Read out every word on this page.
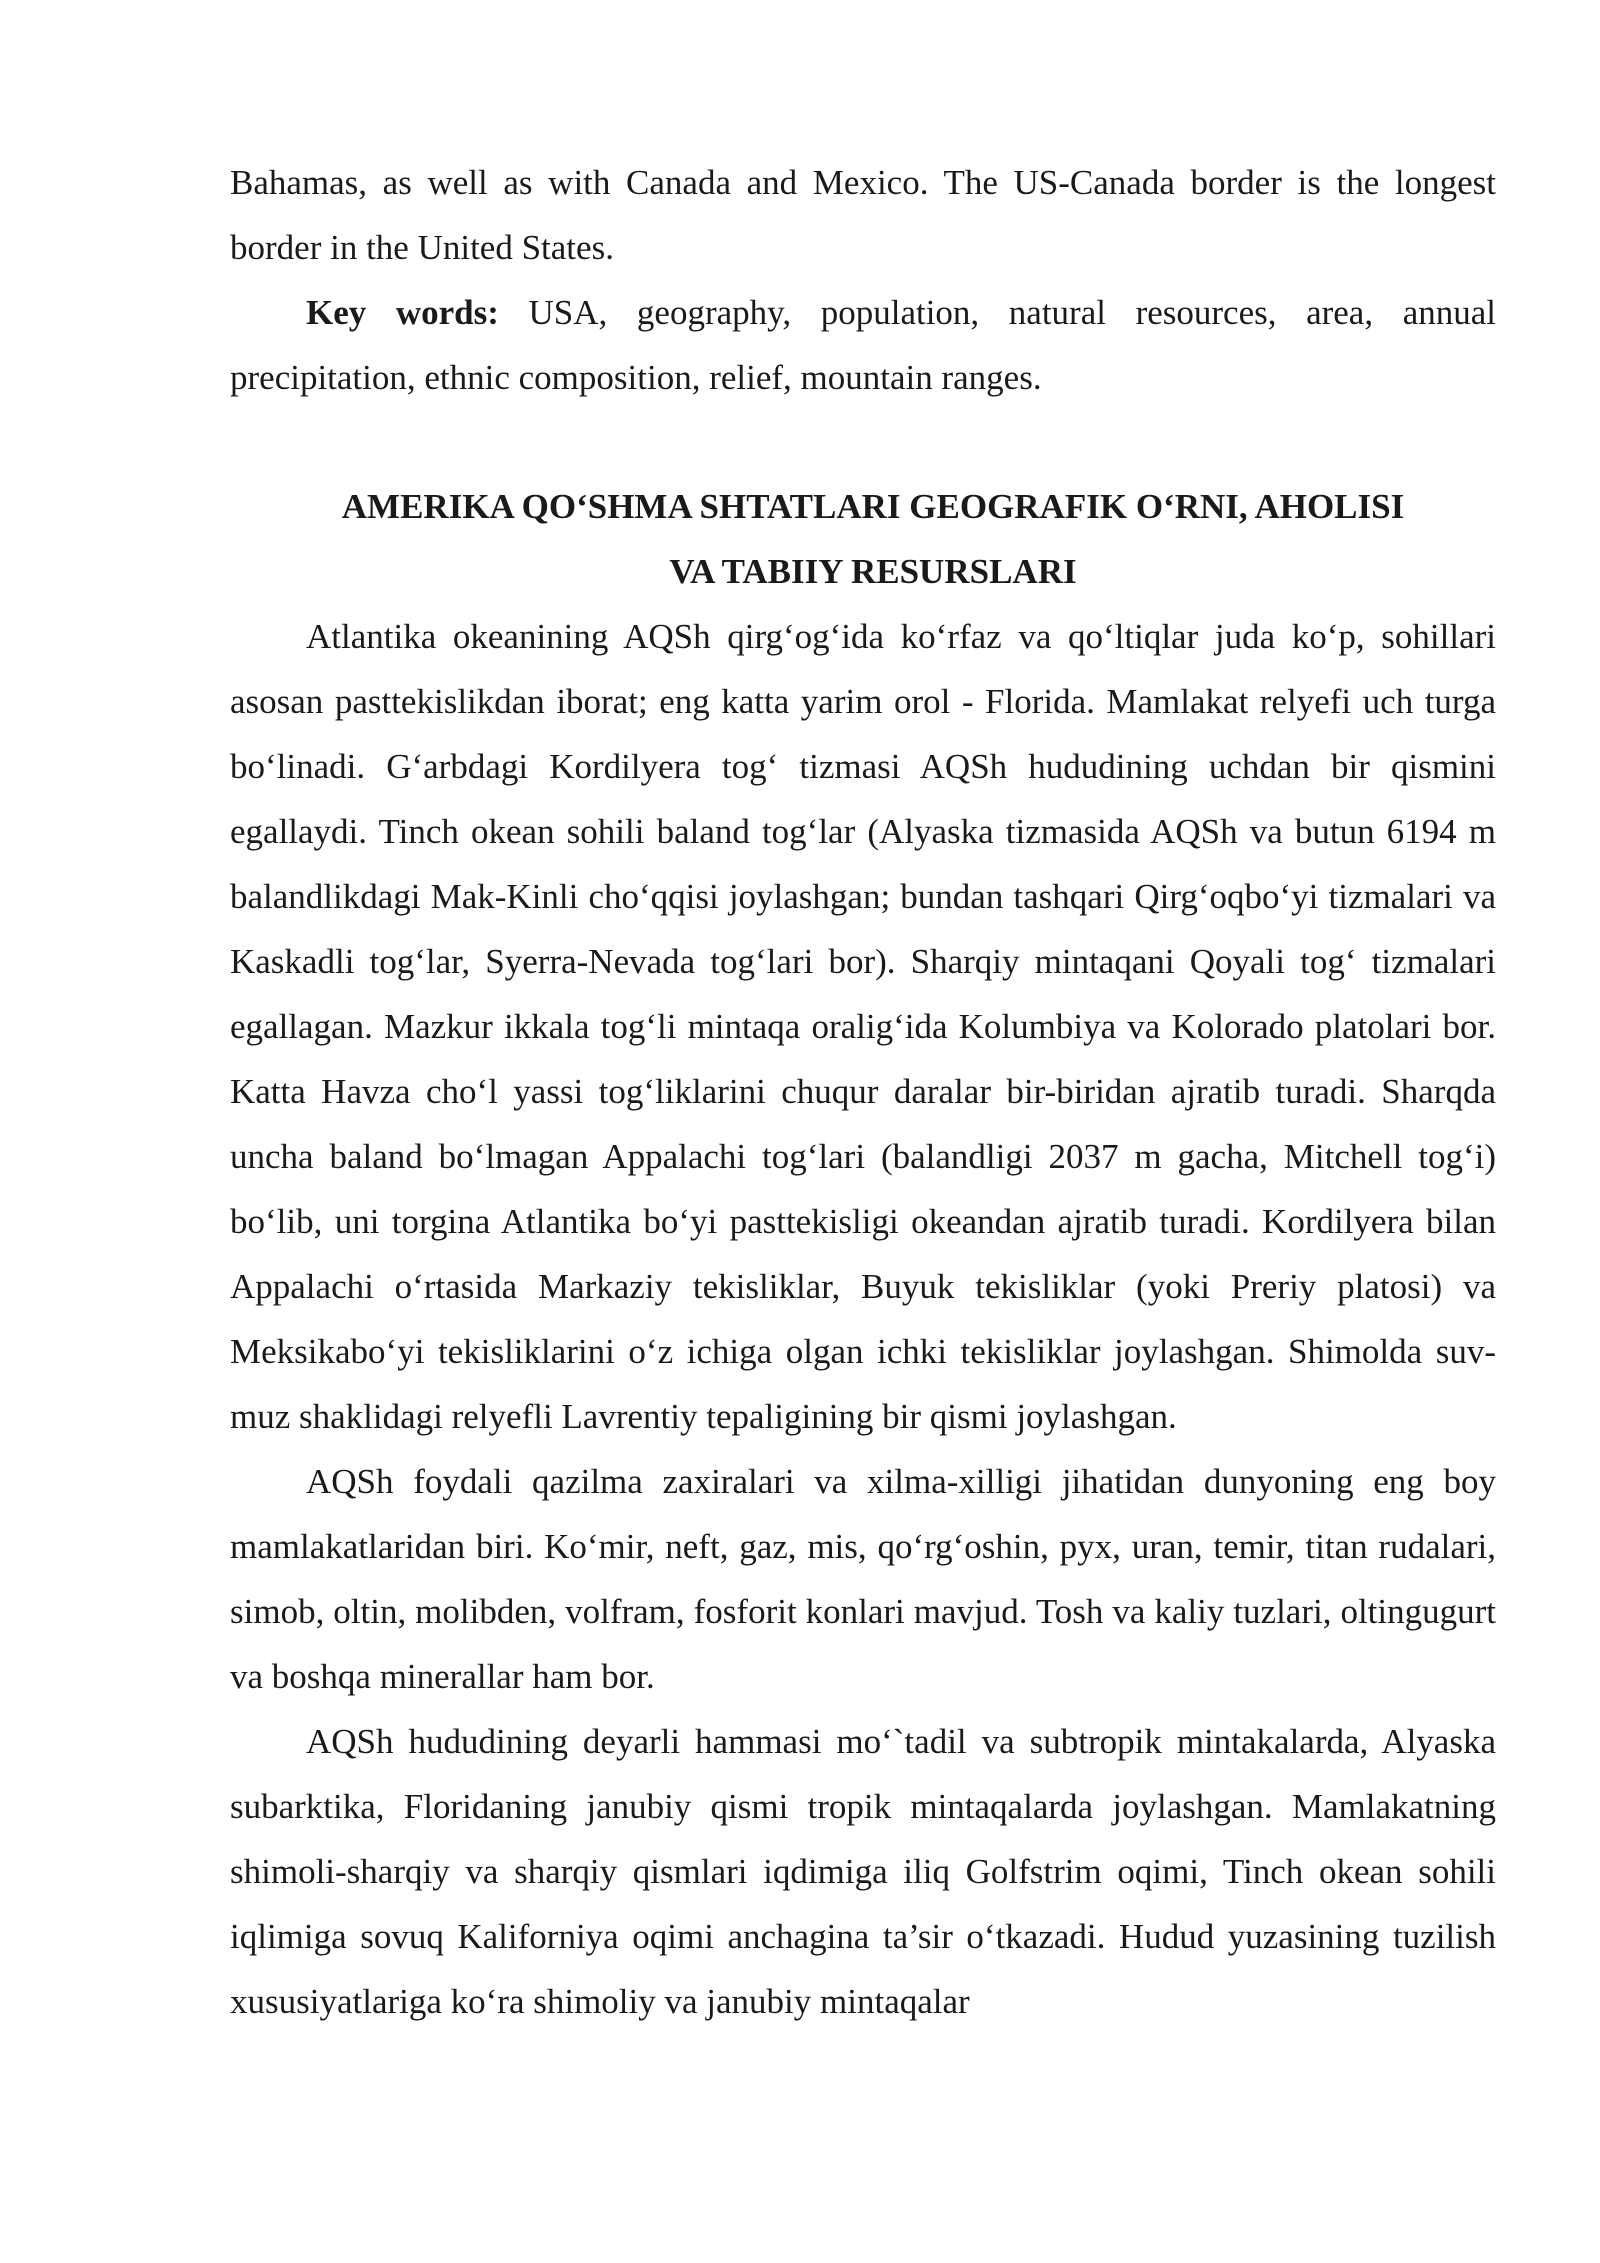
Bahamas, as well as with Canada and Mexico. The US-Canada border is the longest border in the United States.

Key words: USA, geography, population, natural resources, area, annual precipitation, ethnic composition, relief, mountain ranges.

AMERIKA QO‘SHMA SHTATLARI GEOGRAFIK O‘RNI, AHOLISI
VA TABIIY RESURSLARI

Atlantika okeanining AQSh qirg‘og‘ida ko‘rfaz va qo‘ltiqlar juda ko‘p, sohillari asosan pasttekislikdan iborat; eng katta yarim orol - Florida. Mamlakat relyefi uch turga bo‘linadi. G‘arbdagi Kordilyera tog‘ tizmasi AQSh hududining uchdan bir qismini egallaydi. Tinch okean sohili baland tog‘lar (Alyaska tizmasida AQSh va butun 6194 m balandlikdagi Mak-Kinli cho‘qqisi joylashgan; bundan tashqari Qirg‘oqbo‘yi tizmalari va Kaskadli tog‘lar, Syerra-Nevada tog‘lari bor). Sharqiy mintaqani Qoyali tog‘ tizmalari egallagan. Mazkur ikkala tog‘li mintaqa oralig‘ida Kolumbiya va Kolorado platolari bor. Katta Havza cho‘l yassi tog‘liklarini chuqur daralar bir-biridan ajratib turadi. Sharqda uncha baland bo‘lmagan Appalachi tog‘lari (balandligi 2037 m gacha, Mitchell tog‘i) bo‘lib, uni torgina Atlantika bo‘yi pasttekisligi okeandan ajratib turadi. Kordilyera bilan Appalachi o‘rtasida Markaziy tekisliklar, Buyuk tekisliklar (yoki Preriy platosi) va Meksikabo‘yi tekisliklarini o‘z ichiga olgan ichki tekisliklar joylashgan. Shimolda suv-muz shaklidagi relyefli Lavrentiy tepaligining bir qismi joylashgan.

AQSh foydali qazilma zaxiralari va xilma-xilligi jihatidan dunyoning eng boy mamlakatlaridan biri. Ko‘mir, neft, gaz, mis, qo‘rg‘oshin, pyx, uran, temir, titan rudalari, simob, oltin, molibden, volfram, fosforit konlari mavjud. Tosh va kaliy tuzlari, oltingugurt va boshqa minerallar ham bor.

AQSh hududining deyarli hammasi mo‘`tadil va subtropik mintakalarda, Alyaska subarktika, Floridaning janubiy qismi tropik mintaqalarda joylashgan. Mamlakatning shimoli-sharqiy va sharqiy qismlari iqdimiga iliq Golfstrim oqimi, Tinch okean sohili iqlimiga sovuq Kaliforniya oqimi anchagina ta’sir o‘tkazadi. Hudud yuzasining tuzilish xususiyatlariga ko‘ra shimoliy va janubiy mintaqalar
